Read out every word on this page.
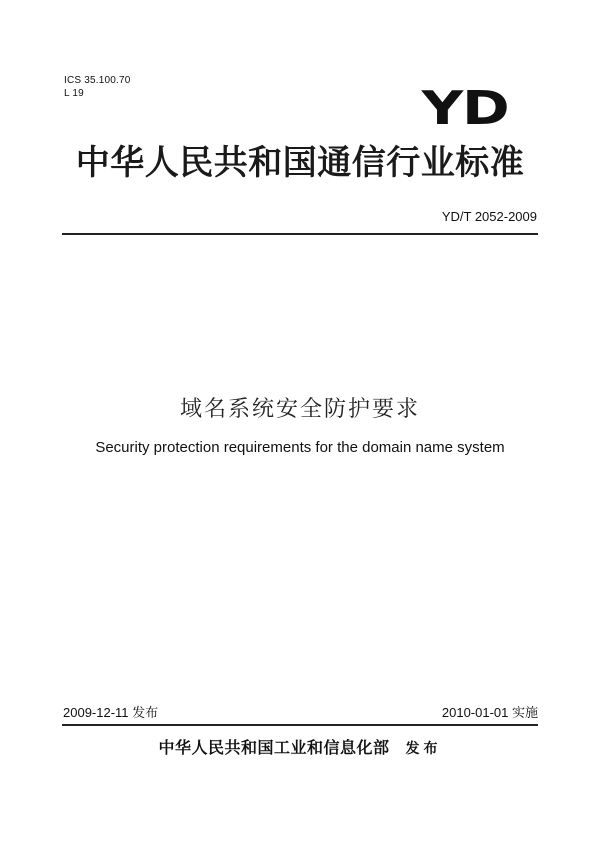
ICS 35.100.70
L 19	YD
中华人民共和国通信行业标准
YD/T 2052-2009
域名系统安全防护要求
Security protection requirements for the domain name system
2009-12-11 发布	2010-01-01 实施
中华人民共和国工业和信息化部 发布
